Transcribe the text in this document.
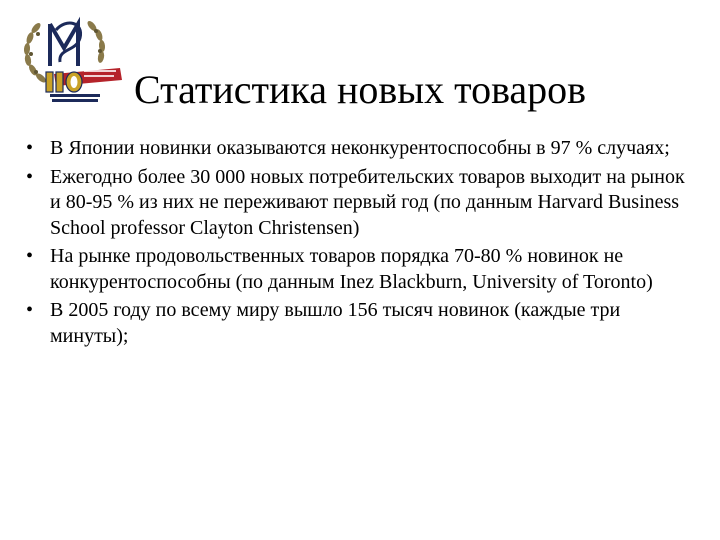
Статистика новых товаров
• В Японии новинки оказываются неконкурентоспособны в 97 % случаях;
• Ежегодно более 30 000 новых потребительских товаров выходит на рынок и 80-95 % из них не переживают первый год (по данным Harvard Business School professor Clayton Christensen)
• На рынке продовольственных товаров порядка 70-80 % новинок не конкурентоспособны (по данным Inez Blackburn, University of Toronto)
• В 2005 году по всему миру вышло 156 тысяч новинок (каждые три минуты);
